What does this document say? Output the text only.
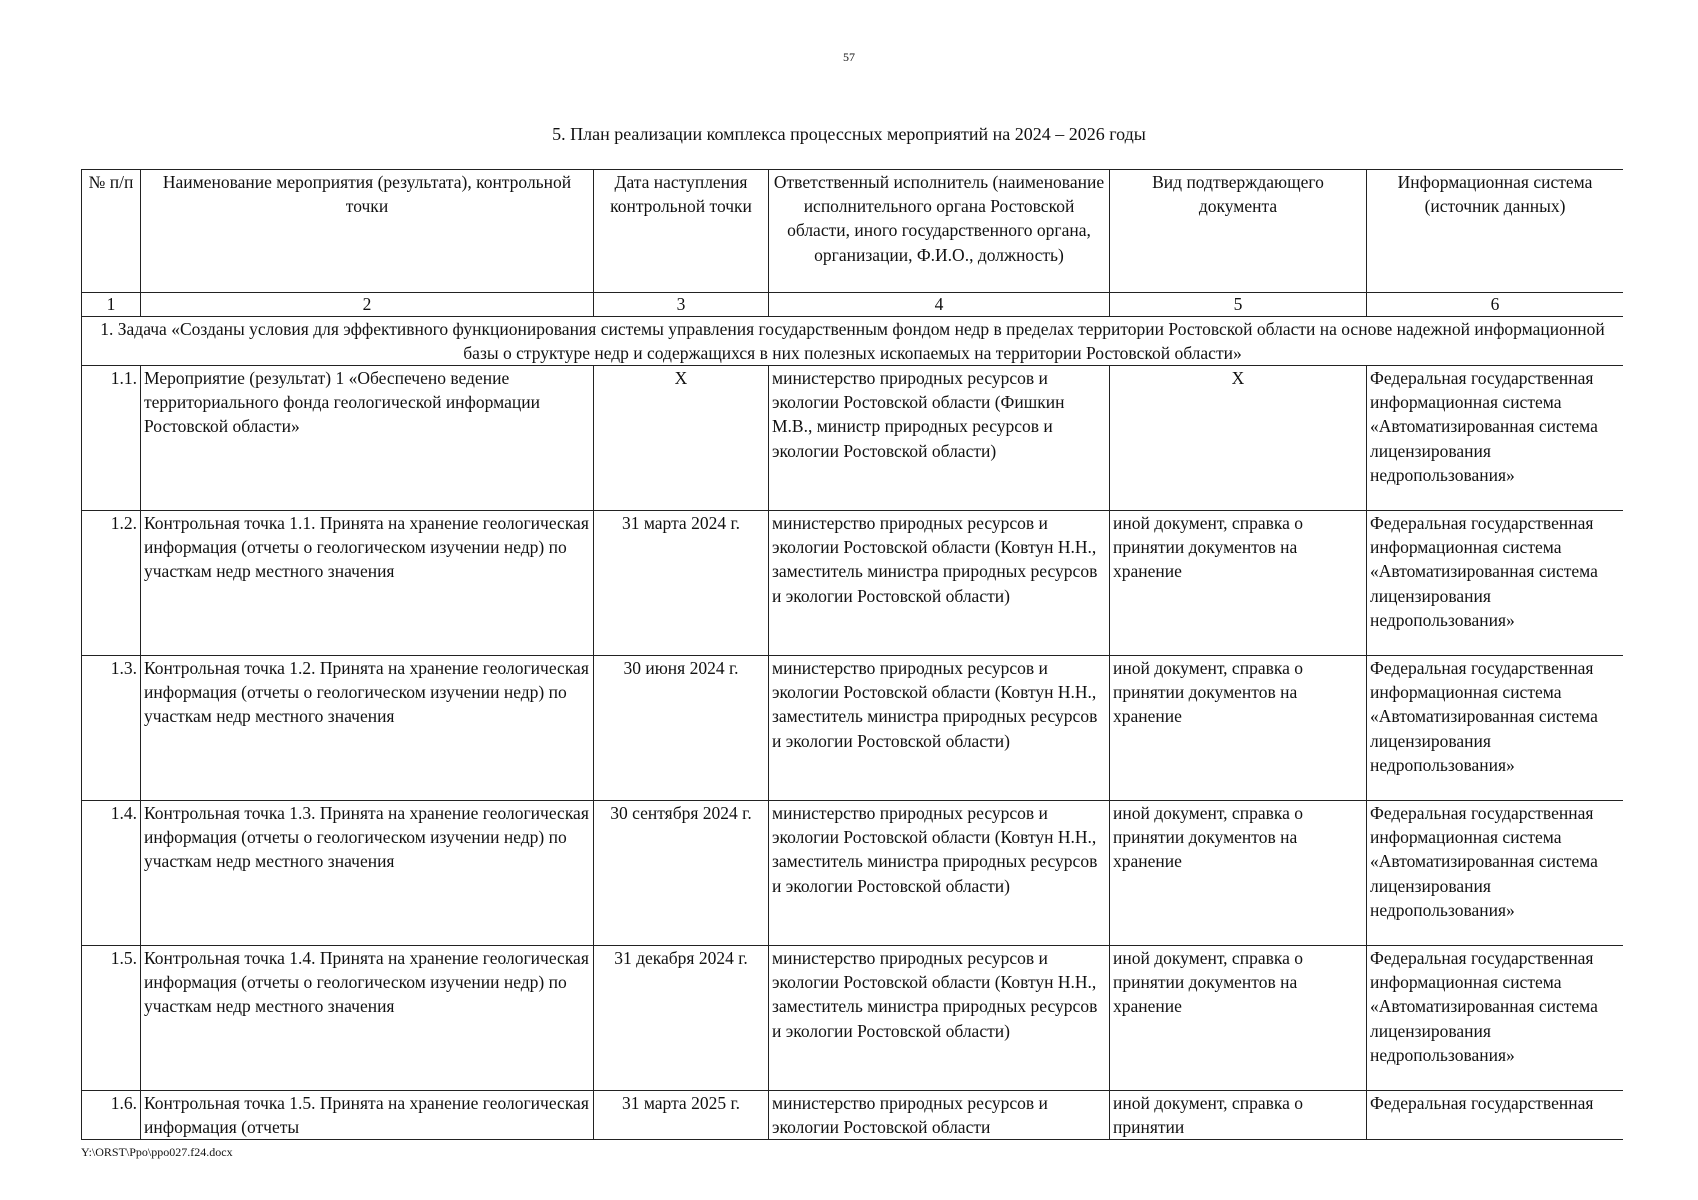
57
5. План реализации комплекса процессных мероприятий на 2024 – 2026 годы
№ п/п	Наименование мероприятия (результата), контрольной точки	Дата наступления контрольной точки	Ответственный исполнитель (наименование исполнительного органа Ростовской области, иного государственного органа, организации, Ф.И.О., должность)	Вид подтверждающего документа	Информационная система (источник данных)
1	2	3	4	5	6
1. Задача «Созданы условия для эффективного функционирования системы управления государственным фондом недр в пределах территории Ростовской области на основе надежной информационной базы о структуре недр и содержащихся в них полезных ископаемых на территории Ростовской области»					
1.1.	Мероприятие (результат) 1 «Обеспечено ведение территориального фонда геологической информации Ростовской области»	Х	министерство природных ресурсов и экологии Ростовской области (Фишкин М.В., министр природных ресурсов и экологии Ростовской области)	Х	Федеральная государственная информационная система «Автоматизированная система лицензирования недропользования»
1.2.	Контрольная точка 1.1. Принята на хранение геологическая информация (отчеты о геологическом изучении недр) по участкам недр местного значения	31 марта 2024 г.	министерство природных ресурсов и экологии Ростовской области (Ковтун Н.Н., заместитель министра природных ресурсов и экологии Ростовской области)	иной документ, справка о принятии документов на хранение	Федеральная государственная информационная система «Автоматизированная система лицензирования недропользования»
1.3.	Контрольная точка 1.2. Принята на хранение геологическая информация (отчеты о геологическом изучении недр) по участкам недр местного значения	30 июня 2024 г.	министерство природных ресурсов и экологии Ростовской области (Ковтун Н.Н., заместитель министра природных ресурсов и экологии Ростовской области)	иной документ, справка о принятии документов на хранение	Федеральная государственная информационная система «Автоматизированная система лицензирования недропользования»
1.4.	Контрольная точка 1.3. Принята на хранение геологическая информация (отчеты о геологическом изучении недр) по участкам недр местного значения	30 сентября 2024 г.	министерство природных ресурсов и экологии Ростовской области (Ковтун Н.Н., заместитель министра природных ресурсов и экологии Ростовской области)	иной документ, справка о принятии документов на хранение	Федеральная государственная информационная система «Автоматизированная система лицензирования недропользования»
1.5.	Контрольная точка 1.4. Принята на хранение геологическая информация (отчеты о геологическом изучении недр) по участкам недр местного значения	31 декабря 2024 г.	министерство природных ресурсов и экологии Ростовской области (Ковтун Н.Н., заместитель министра природных ресурсов и экологии Ростовской области)	иной документ, справка о принятии документов на хранение	Федеральная государственная информационная система «Автоматизированная система лицензирования недропользования»
1.6.	Контрольная точка 1.5. Принята на хранение геологическая информация (отчеты	31 марта 2025 г.	министерство природных ресурсов и экологии Ростовской области	иной документ, справка о принятии	Федеральная государственная
Y:\ORST\Ppo\ppo027.f24.docx
